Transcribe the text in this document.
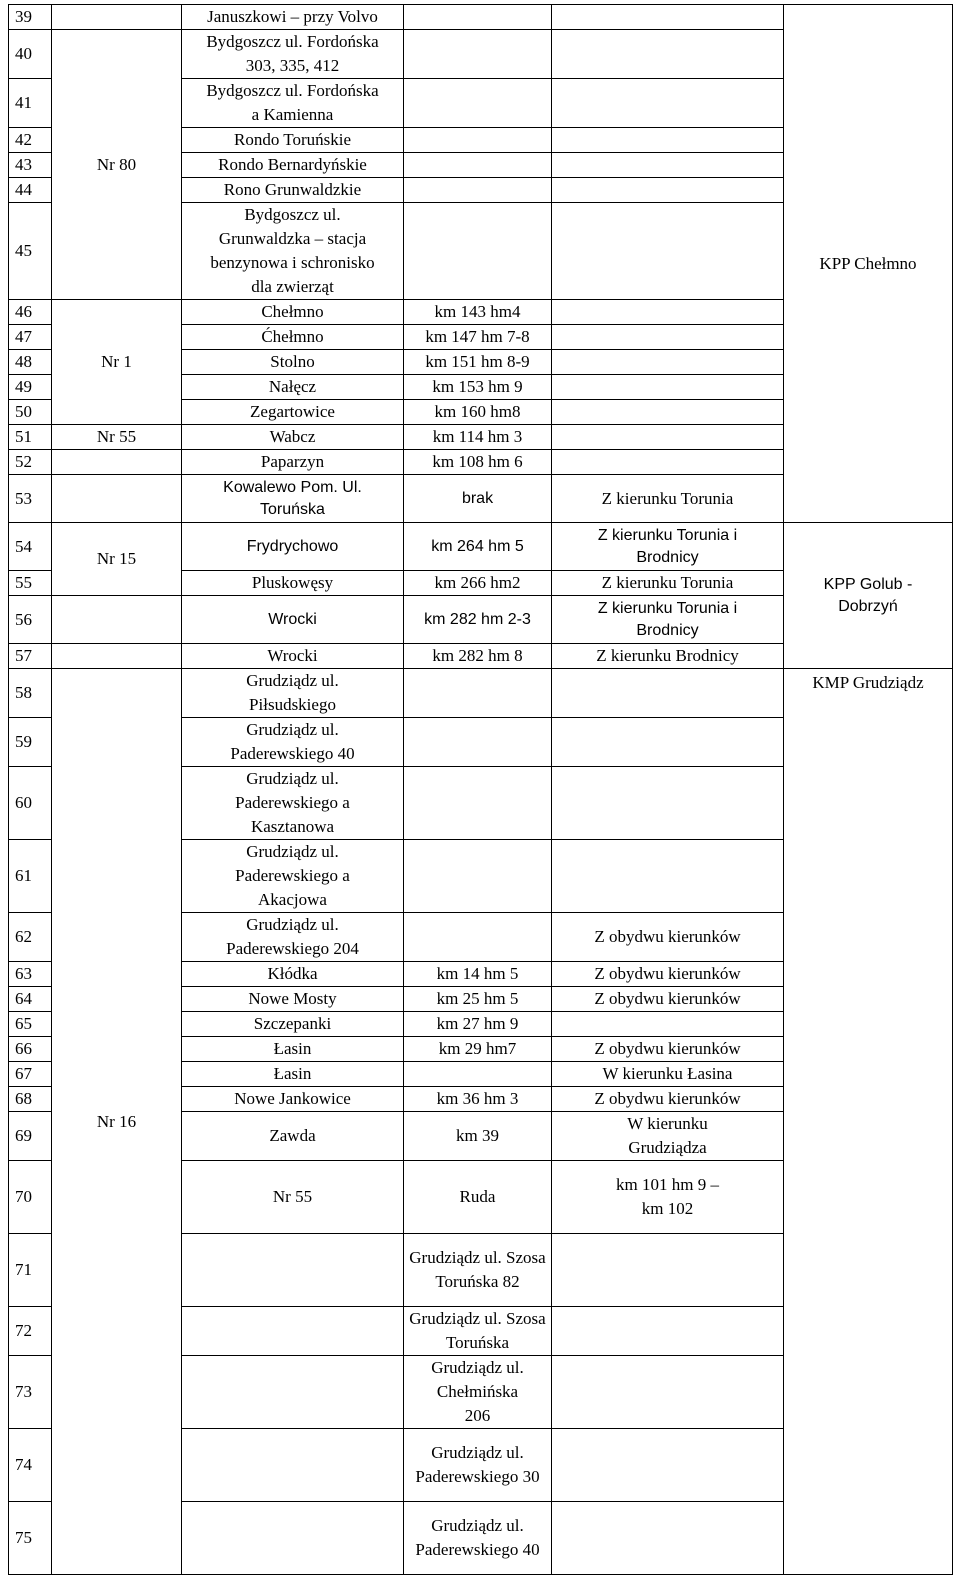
39		Januszkowi – przy Volvo			KPP Chełmno	
40	Nr 80	Bydgoszcz ul. Fordońska
303, 335, 412				
41		Bydgoszcz ul. Fordońska
a Kamienna				
42		Rondo Toruńskie				
43		Rondo Bernardyńskie				
44		Rono Grunwaldzkie				
45		Bydgoszcz ul.
Grunwaldzka – stacja
benzynowa i schronisko
dla zwierząt				
46	Nr 1	Chełmno	km 143 hm4			
47		Ćhełmno	km 147 hm 7-8			
48		Stolno	km 151 hm 8-9			
49		Nałęcz	km 153 hm 9			
50		Zegartowice	km 160 hm8			
51	Nr 55	Wabcz	km 114 hm 3			
52		Paparzyn	km 108 hm 6			
53		Kowalewo Pom. Ul.
Toruńska	brak	Z kierunku Torunia		
54	Nr 15	Frydrychowo	km 264 hm 5	Z kierunku Torunia i
Brodnicy	KPP Golub -
Dobrzyń	
55		Pluskowęsy	km 266 hm2	Z kierunku Torunia		
56		Wrocki	km 282 hm 2-3	Z kierunku Torunia i
Brodnicy		
57		Wrocki	km 282 hm 8	Z kierunku Brodnicy		
58	Nr 16	Grudziądz ul.
Piłsudskiego			KMP Grudziądz	
59		Grudziądz ul.
Paderewskiego 40				
60		Grudziądz ul.
Paderewskiego a
Kasztanowa				
61		Grudziądz ul.
Paderewskiego a
Akacjowa				
62		Grudziądz ul.
Paderewskiego 204		Z obydwu kierunków		
63		Kłódka	km 14 hm 5	Z obydwu kierunków		
64		Nowe Mosty	km 25 hm 5	Z obydwu kierunków		
65		Szczepanki	km 27 hm 9			
66		Łasin	km 29 hm7	Z obydwu kierunków		
67		Łasin		W kierunku Łasina		
68		Nowe Jankowice	km 36 hm 3	Z obydwu kierunków		
69		Zawda	km 39	W kierunku
Grudziądza		
70		Nr 55	Ruda	km 101 hm 9 –
km 102	
71			Grudziądz ul. Szosa
Toruńska 82		
72			Grudziądz ul. Szosa
Toruńska			
73			Grudziądz ul. Chełmińska
206		
74			Grudziądz ul.
Paderewskiego 30		
75			Grudziądz ul.
Paderewskiego 40		
